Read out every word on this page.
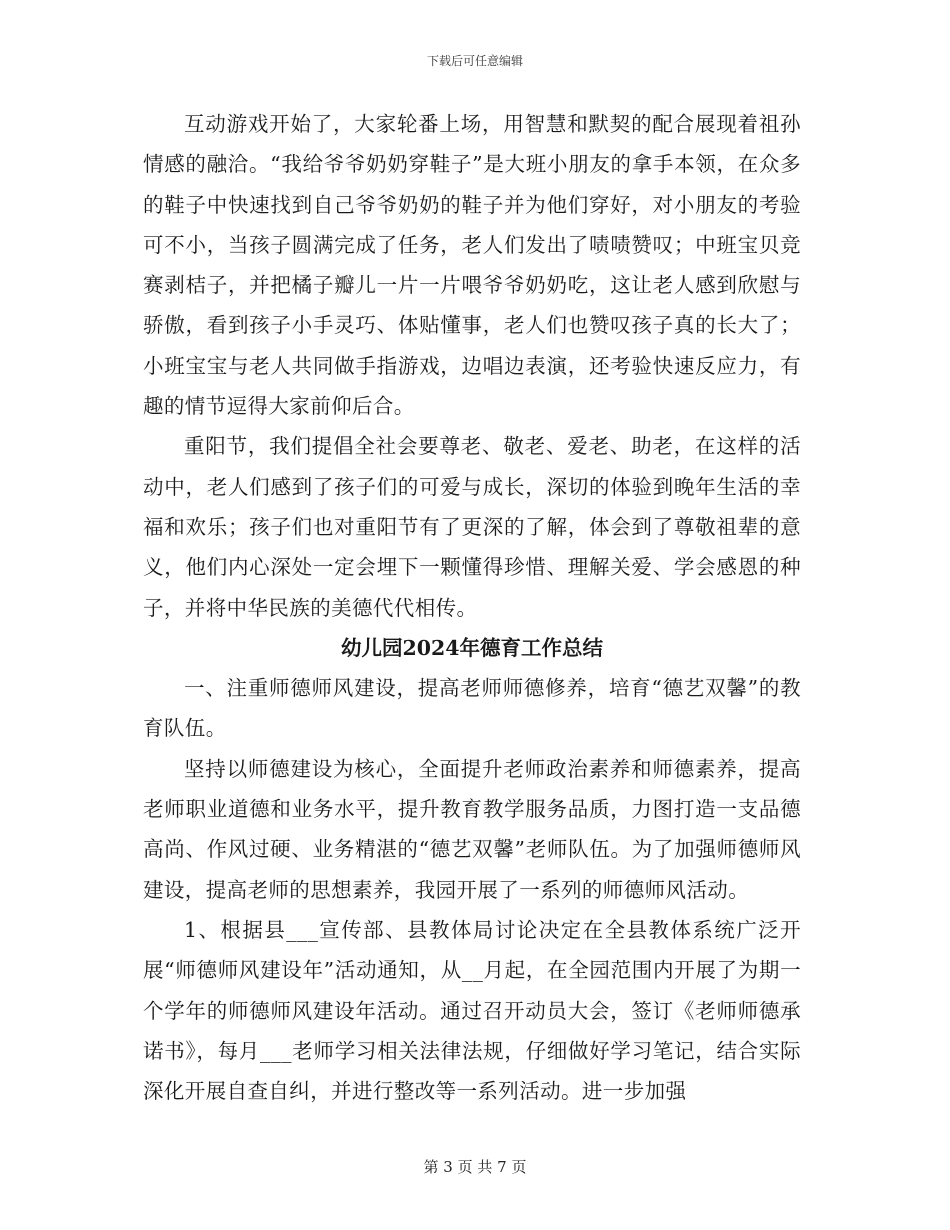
下载后可任意编辑

互动游戏开始了，大家轮番上场，用智慧和默契的配合展现着祖孙情感的融洽。“我给爷爷奶奶穿鞋子”是大班小朋友的拿手本领，在众多的鞋子中快速找到自己爷爷奶奶的鞋子并为他们穿好，对小朋友的考验可不小，当孩子圆满完成了任务，老人们发出了啧啧赞叹；中班宝贝竞赛剥桔子，并把橘子瓣儿一片一片喂爷爷奶奶吃，这让老人感到欣慰与骄傲，看到孩子小手灵巧、体贴懂事，老人们也赞叹孩子真的长大了；小班宝宝与老人共同做手指游戏，边唱边表演，还考验快速反应力，有趣的情节逗得大家前仰后合。

重阳节，我们提倡全社会要尊老、敬老、爱老、助老，在这样的活动中，老人们感到了孩子们的可爱与成长，深切的体验到晚年生活的幸福和欢乐；孩子们也对重阳节有了更深的了解，体会到了尊敬祖辈的意义，他们内心深处一定会埋下一颗懂得珍惜、理解关爱、学会感恩的种子，并将中华民族的美德代代相传。

幼儿园2024年德育工作总结

一、注重师德师风建设，提高老师师德修养，培育“德艺双馨”的教育队伍。

坚持以师德建设为核心，全面提升老师政治素养和师德素养，提高老师职业道德和业务水平，提升教育教学服务品质，力图打造一支品德高尚、作风过硬、业务精湛的“德艺双馨”老师队伍。为了加强师德师风建设，提高老师的思想素养，我园开展了一系列的师德师风活动。

1、根据县___宣传部、县教体局讨论决定在全县教体系统广泛开展“师德师风建设年”活动通知，从__月起，在全园范围内开展了为期一个学年的师德师风建设年活动。通过召开动员大会，签订《老师师德承诺书》，每月___老师学习相关法律法规，仔细做好学习笔记，结合实际深化开展自查自纠，并进行整改等一系列活动。进一步加强

第 3 页 共 7 页
